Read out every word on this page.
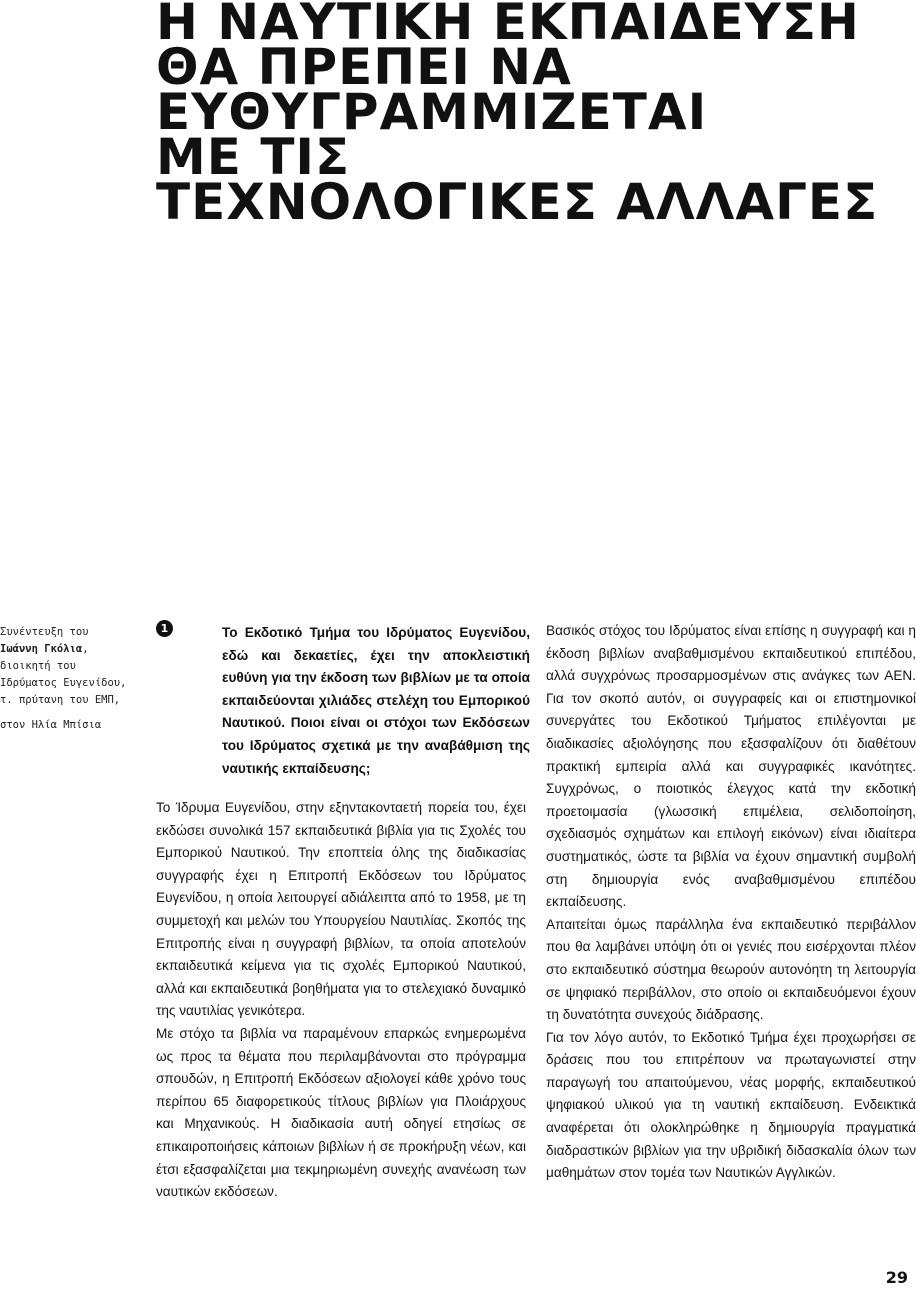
Η ΝΑΥΤΙΚΗ ΕΚΠΑΙΔΕΥΣΗ
ΘΑ ΠΡΕΠΕΙ ΝΑ
ΕΥΘΥΓΡΑΜΜΙΖΕΤΑΙ
ΜΕ ΤΙΣ
ΤΕΧΝΟΛΟΓΙΚΕΣ ΑΛΛΑΓΕΣ
Συνέντευξη του
Ιωάννη Γκόλια,
διοικητή του
Ιδρύματος Ευγενίδου,
τ. πρύτανη του ΕΜΠ,
στον Ηλία Μπίσια
1	Το Εκδοτικό Τμήμα του Ιδρύματος Ευγενίδου, εδώ και δεκαετίες, έχει την αποκλειστική ευθύνη για την έκδοση των βιβλίων με τα οποία εκπαιδεύονται χιλιάδες στελέχη του Εμπορικού Ναυτικού. Ποιοι είναι οι στόχοι των Εκδόσεων του Ιδρύματος σχετικά με την αναβάθμιση της ναυτικής εκπαίδευσης;

Το Ίδρυμα Ευγενίδου, στην εξηντακονταετή πορεία του, έχει εκδώσει συνολικά 157 εκπαιδευτικά βιβλία για τις Σχολές του Εμπορικού Ναυτικού. Την εποπτεία όλης της διαδικασίας συγγραφής έχει η Επιτροπή Εκδόσεων του Ιδρύματος Ευγενίδου, η οποία λειτουργεί αδιάλειπτα από το 1958, με τη συμμετοχή και μελών του Υπουργείου Ναυτιλίας. Σκοπός της Επιτροπής είναι η συγγραφή βιβλίων, τα οποία αποτελούν εκπαιδευτικά κείμενα για τις σχολές Εμπορικού Ναυτικού, αλλά και εκπαιδευτικά βοηθήματα για το στελεχιακό δυναμικό της ναυτιλίας γενικότερα.

Με στόχο τα βιβλία να παραμένουν επαρκώς ενημερωμένα ως προς τα θέματα που περιλαμβάνονται στο πρόγραμμα σπουδών, η Επιτροπή Εκδόσεων αξιολογεί κάθε χρόνο τους περίπου 65 διαφορετικούς τίτλους βιβλίων για Πλοιάρχους και Μηχανικούς. Η διαδικασία αυτή οδηγεί ετησίως σε επικαιροποιήσεις κάποιων βιβλίων ή σε προκήρυξη νέων, και έτσι εξασφαλίζεται μια τεκμηριωμένη συνεχής ανανέωση των ναυτικών εκδόσεων.

Βασικός στόχος του Ιδρύματος είναι επίσης η συγγραφή και η έκδοση βιβλίων αναβαθμισμένου εκπαιδευτικού επιπέδου, αλλά συγχρόνως προσαρμοσμένων στις ανάγκες των ΑΕΝ. Για τον σκοπό αυτόν, οι συγγραφείς και οι επιστημονικοί συνεργάτες του Εκδοτικού Τμήματος επιλέγονται με διαδικασίες αξιολόγησης που εξασφαλίζουν ότι διαθέτουν πρακτική εμπειρία αλλά και συγγραφικές ικανότητες. Συγχρόνως, ο ποιοτικός έλεγχος κατά την εκδοτική προετοιμασία (γλωσσική επιμέλεια, σελιδοποίηση, σχεδιασμός σχημάτων και επιλογή εικόνων) είναι ιδιαίτερα συστηματικός, ώστε τα βιβλία να έχουν σημαντική συμβολή στη δημιουργία ενός αναβαθμισμένου επιπέδου εκπαίδευσης.

Απαιτείται όμως παράλληλα ένα εκπαιδευτικό περιβάλλον που θα λαμβάνει υπόψη ότι οι γενιές που εισέρχονται πλέον στο εκπαιδευτικό σύστημα θεωρούν αυτονόητη τη λειτουργία σε ψηφιακό περιβάλλον, στο οποίο οι εκπαιδευόμενοι έχουν τη δυνατότητα συνεχούς διάδρασης.

Για τον λόγο αυτόν, το Εκδοτικό Τμήμα έχει προχωρήσει σε δράσεις που του επιτρέπουν να πρωταγωνιστεί στην παραγωγή του απαιτούμενου, νέας μορφής, εκπαιδευτικού ψηφιακού υλικού για τη ναυτική εκπαίδευση. Ενδεικτικά αναφέρεται ότι ολοκληρώθηκε η δημιουργία πραγματικά διαδραστικών βιβλίων για την υβριδική διδασκαλία όλων των μαθημάτων στον τομέα των Ναυτικών Αγγλικών.

29
